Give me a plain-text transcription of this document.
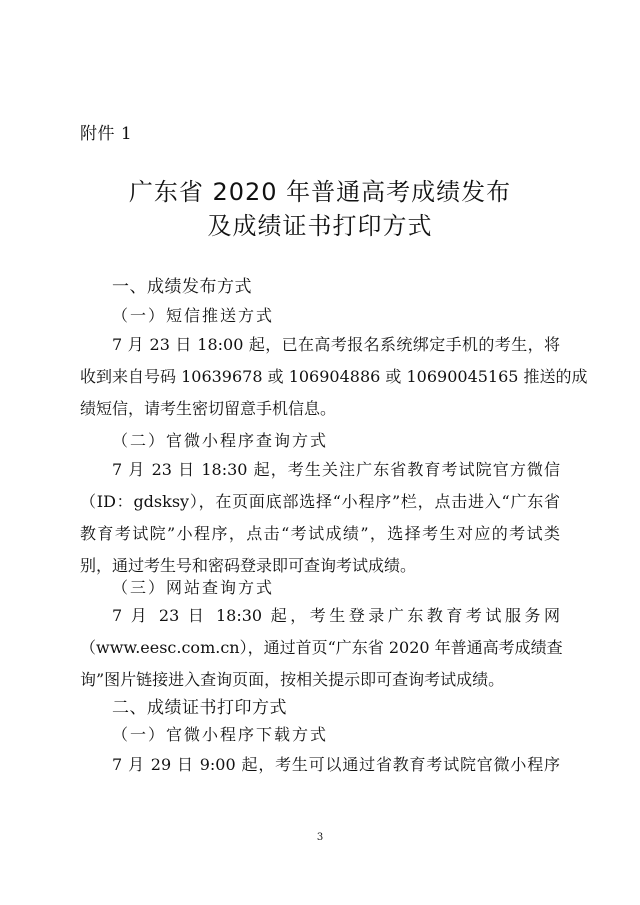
附件 1
广东省 2020 年普通高考成绩发布
及成绩证书打印方式
一、成绩发布方式
（一）短信推送方式
7 月 23 日 18:00 起，已在高考报名系统绑定手机的考生，将
收到来自号码 10639678 或 106904886 或 10690045165 推送的成
绩短信，请考生密切留意手机信息。
（二）官微小程序查询方式
7 月 23 日 18:30 起，考生关注广东省教育考试院官方微信
（ID：gdsksy），在页面底部选择“小程序”栏，点击进入“广东省
教育考试院”小程序，点击“考试成绩”，选择考生对应的考试类
别，通过考生号和密码登录即可查询考试成绩。
（三）网站查询方式
7 月 23 日 18:30 起，考生登录广东教育考试服务网
（www.eesc.com.cn），通过首页“广东省 2020 年普通高考成绩查
询”图片链接进入查询页面，按相关提示即可查询考试成绩。
二、成绩证书打印方式
（一）官微小程序下载方式
7 月 29 日 9:00 起，考生可以通过省教育考试院官微小程序
3
